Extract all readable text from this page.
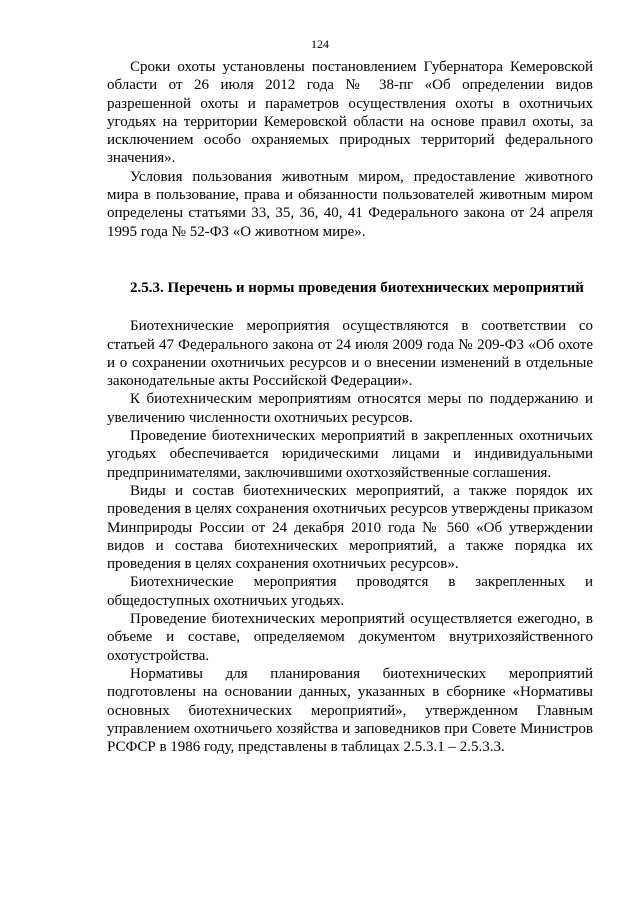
124

Сроки охоты установлены постановлением Губернатора Кемеровской области от 26 июля 2012 года № 38-пг «Об определении видов разрешенной охоты и параметров осуществления охоты в охотничьих угодьях на территории Кемеровской области на основе правил охоты, за исключением особо охраняемых природных территорий федерального значения».

Условия пользования животным миром, предоставление животного мира в пользование, права и обязанности пользователей животным миром определены статьями 33, 35, 36, 40, 41 Федерального закона от 24 апреля 1995 года № 52-ФЗ «О животном мире».

2.5.3. Перечень и нормы проведения биотехнических мероприятий

Биотехнические мероприятия осуществляются в соответствии со статьей 47 Федерального закона от 24 июля 2009 года № 209-ФЗ «Об охоте и о сохранении охотничьих ресурсов и о внесении изменений в отдельные законодательные акты Российской Федерации».

К биотехническим мероприятиям относятся меры по поддержанию и увеличению численности охотничьих ресурсов.

Проведение биотехнических мероприятий в закрепленных охотничьих угодьях обеспечивается юридическими лицами и индивидуальными предпринимателями, заключившими охотхозяйственные соглашения.

Виды и состав биотехнических мероприятий, а также порядок их проведения в целях сохранения охотничьих ресурсов утверждены приказом Минприроды России от 24 декабря 2010 года № 560 «Об утверждении видов и состава биотехнических мероприятий, а также порядка их проведения в целях сохранения охотничьих ресурсов».

Биотехнические мероприятия проводятся в закрепленных и общедоступных охотничьих угодьях.

Проведение биотехнических мероприятий осуществляется ежегодно, в объеме и составе, определяемом документом внутрихозяйственного охотустройства.

Нормативы для планирования биотехнических мероприятий подготовлены на основании данных, указанных в сборнике «Нормативы основных биотехнических мероприятий», утвержденном Главным управлением охотничьего хозяйства и заповедников при Совете Министров РСФСР в 1986 году, представлены в таблицах 2.5.3.1 – 2.5.3.3.
